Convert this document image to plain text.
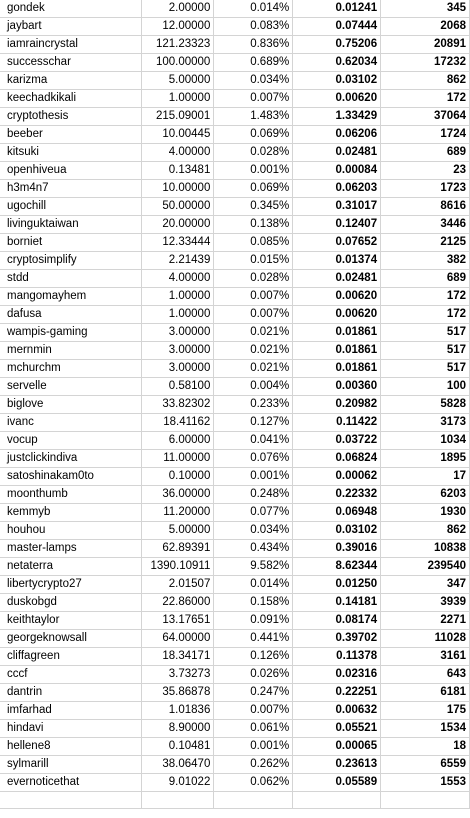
gondek	2.00000	0.014%	0.01241	345
jaybart	12.00000	0.083%	0.07444	2068
iamraincrystal	121.23323	0.836%	0.75206	20891
successchar	100.00000	0.689%	0.62034	17232
karizma	5.00000	0.034%	0.03102	862
keechadkikali	1.00000	0.007%	0.00620	172
cryptothesis	215.09001	1.483%	1.33429	37064
beeber	10.00445	0.069%	0.06206	1724
kitsuki	4.00000	0.028%	0.02481	689
openhiveua	0.13481	0.001%	0.00084	23
h3m4n7	10.00000	0.069%	0.06203	1723
ugochill	50.00000	0.345%	0.31017	8616
livinguktaiwan	20.00000	0.138%	0.12407	3446
borniet	12.33444	0.085%	0.07652	2125
cryptosimplify	2.21439	0.015%	0.01374	382
stdd	4.00000	0.028%	0.02481	689
mangomayhem	1.00000	0.007%	0.00620	172
dafusa	1.00000	0.007%	0.00620	172
wampis-gaming	3.00000	0.021%	0.01861	517
mernmin	3.00000	0.021%	0.01861	517
mchurchm	3.00000	0.021%	0.01861	517
servelle	0.58100	0.004%	0.00360	100
biglove	33.82302	0.233%	0.20982	5828
ivanc	18.41162	0.127%	0.11422	3173
vocup	6.00000	0.041%	0.03722	1034
justclickindiva	11.00000	0.076%	0.06824	1895
satoshinakam0to	0.10000	0.001%	0.00062	17
moonthumb	36.00000	0.248%	0.22332	6203
kemmyb	11.20000	0.077%	0.06948	1930
houhou	5.00000	0.034%	0.03102	862
master-lamps	62.89391	0.434%	0.39016	10838
netaterra	1390.10911	9.582%	8.62344	239540
libertycrypto27	2.01507	0.014%	0.01250	347
duskobgd	22.86000	0.158%	0.14181	3939
keithtaylor	13.17651	0.091%	0.08174	2271
georgeknowsall	64.00000	0.441%	0.39702	11028
cliffagreen	18.34171	0.126%	0.11378	3161
cccf	3.73273	0.026%	0.02316	643
dantrin	35.86878	0.247%	0.22251	6181
imfarhad	1.01836	0.007%	0.00632	175
hindavi	8.90000	0.061%	0.05521	1534
hellene8	0.10481	0.001%	0.00065	18
sylmarill	38.06470	0.262%	0.23613	6559
evernoticethat	9.01022	0.062%	0.05589	1553
